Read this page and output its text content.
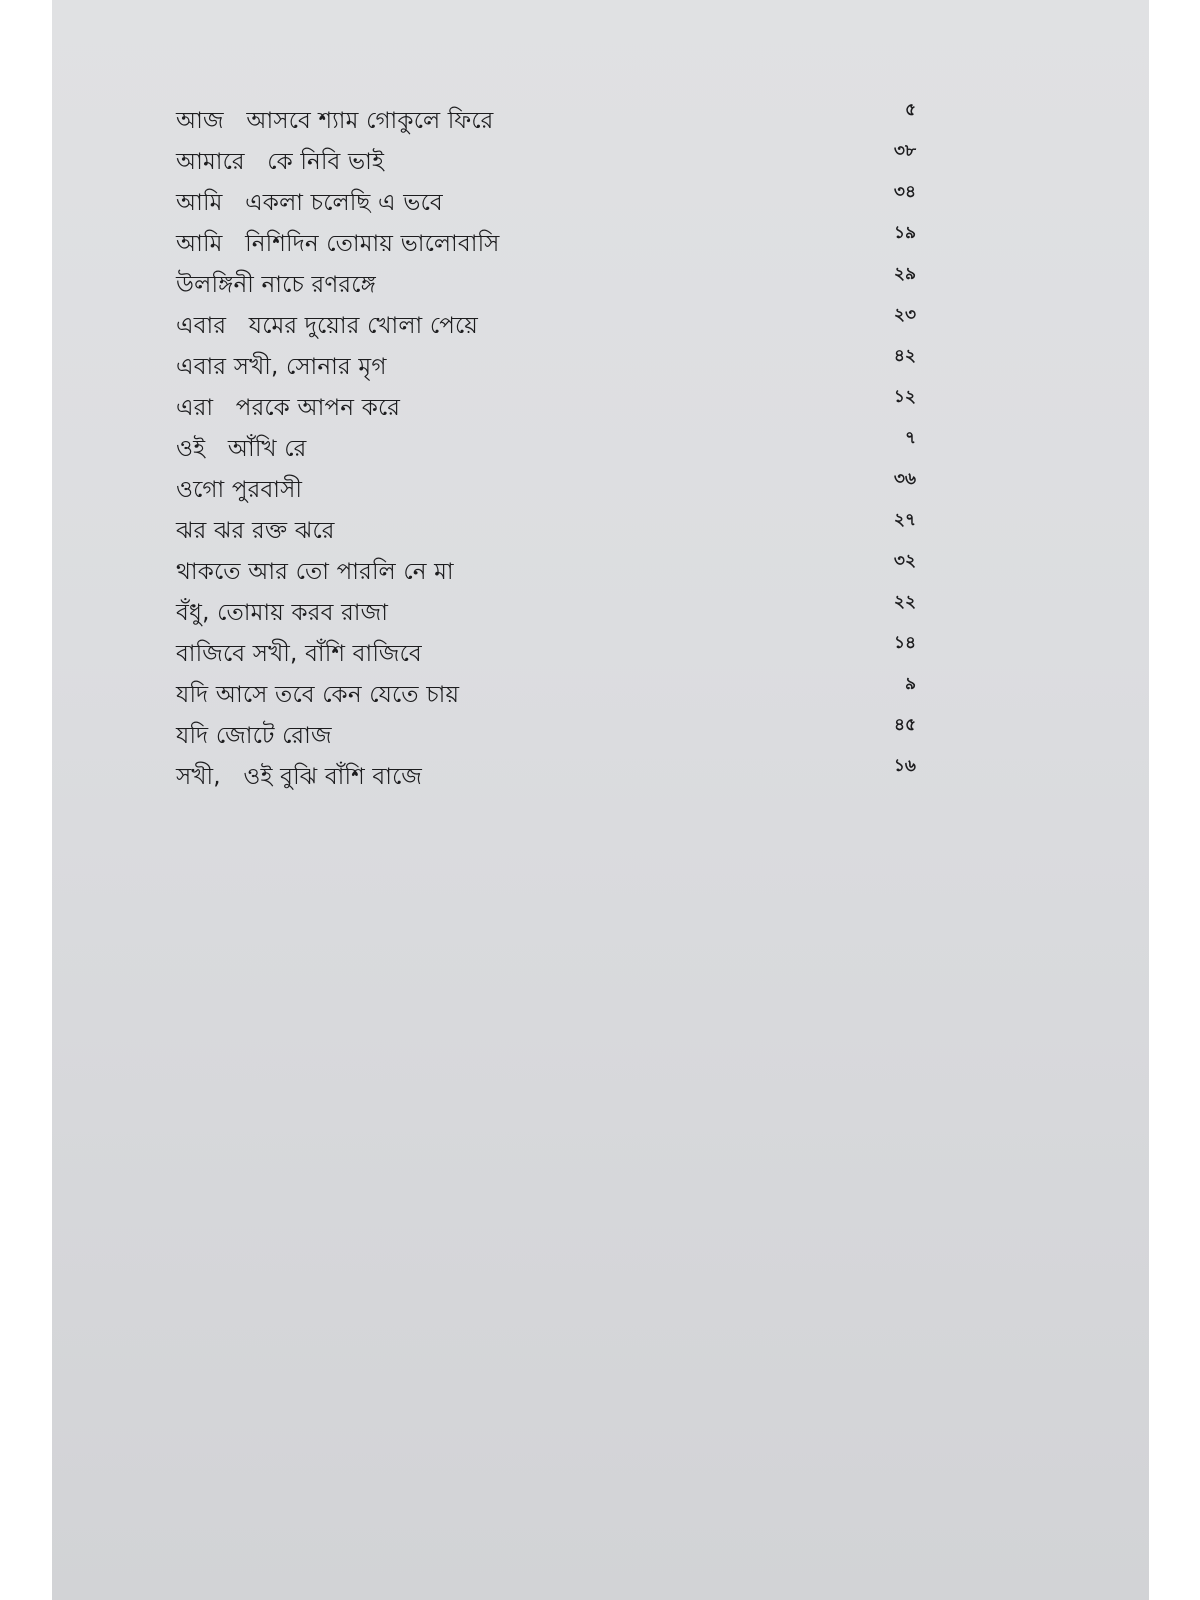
আজ   আসবে শ্যাম গোকুলে ফিরে	৫
আমারে   কে নিবি ভাই	৩৮
আমি   একলা চলেছি এ ভবে	৩৪
আমি   নিশিদিন তোমায় ভালোবাসি	১৯
উলঙ্গিনী নাচে রণরঙ্গে	২৯
এবার   যমের দুয়োর খোলা পেয়ে	২৩
এবার সখী, সোনার মৃগ	৪২
এরা   পরকে আপন করে	১২
ওই   আঁখি রে	৭
ওগো পুরবাসী	৩৬
ঝর ঝর রক্ত ঝরে	২৭
থাকতে আর তো পারলি নে মা	৩২
বঁধু, তোমায় করব রাজা	২২
বাজিবে সখী, বাঁশি বাজিবে	১৪
যদি আসে তবে কেন যেতে চায়	৯
যদি জোটে রোজ	৪৫
সখী,   ওই বুঝি বাঁশি বাজে	১৬
